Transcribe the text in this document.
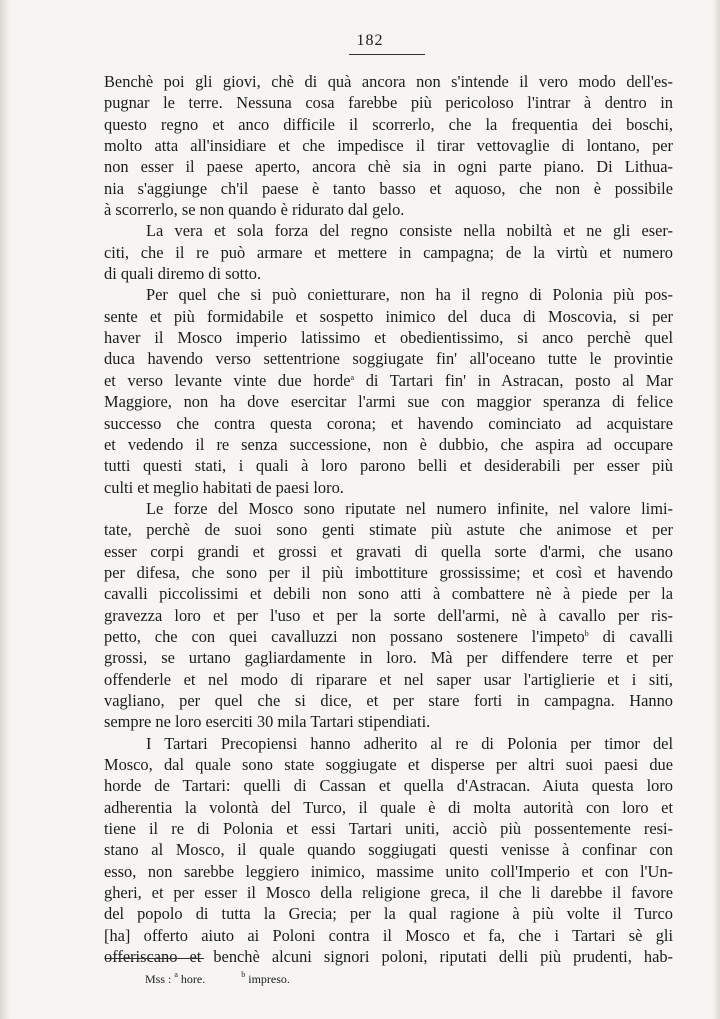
182
Benchè poi gli giovi, chè di quà ancora non s'intende il vero modo dell'es-
pugnar le terre. Nessuna cosa farebbe più pericoloso l'intrar à dentro in
questo regno et anco difficile il scorrerlo, che la frequentia dei boschi,
molto atta all'insidiare et che impedisce il tirar vettovaglie di lontano, per
non esser il paese aperto, ancora chè sia in ogni parte piano. Di Lithua-
nia s'aggiunge ch'il paese è tanto basso et aquoso, che non è possibile
à scorrerlo, se non quando è ridurato dal gelo.
La vera et sola forza del regno consiste nella nobiltà et ne gli eser-
citi, che il re può armare et mettere in campagna; de la virtù et numero
di quali diremo di sotto.
Per quel che si può conietturare, non ha il regno di Polonia più pos-
sente et più formidabile et sospetto inimico del duca di Moscovia, si per
haver il Mosco imperio latissimo et obedientissimo, si anco perchè quel
duca havendo verso settentrione soggiugate fin' all'oceano tutte le provintie
et verso levante vinte due horde$^a$ di Tartari fin' in Astracan, posto al Mar
Maggiore, non ha dove esercitar l'armi sue con maggior speranza di felice
successo che contra questa corona; et havendo cominciato ad acquistare
et vedendo il re senza successione, non è dubbio, che aspira ad occupare
tutti questi stati, i quali à loro parono belli et desiderabili per esser più
culti et meglio habitati de paesi loro.
Le forze del Mosco sono riputate nel numero infinite, nel valore limi-
tate, perchè de suoi sono genti stimate più astute che animose et per
esser corpi grandi et grossi et gravati di quella sorte d'armi, che usano
per difesa, che sono per il più imbottiture grossissime; et così et havendo
cavalli piccolissimi et debili non sono atti à combattere nè à piede per la
gravezza loro et per l'uso et per la sorte dell'armi, nè à cavallo per ris-
petto, che con quei cavalluzzi non possano sostenere l'impeto$^b$ di cavalli
grossi, se urtano gagliardamente in loro. Mà per diffendere terre et per
offenderle et nel modo di riparare et nel saper usar l'artiglierie et i siti,
vagliano, per quel che si dice, et per stare forti in campagna. Hanno
sempre ne loro eserciti 30 mila Tartari stipendiati.
I Tartari Precopiensi hanno adherito al re di Polonia per timor del
Mosco, dal quale sono state soggiugate et disperse per altri suoi paesi due
horde de Tartari: quelli di Cassan et quella d'Astracan. Aiuta questa loro
adherentia la volontà del Turco, il quale è di molta autorità con loro et
tiene il re di Polonia et essi Tartari uniti, acciò più possentemente resi-
stano al Mosco, il quale quando soggiugati questi venisse à confinar con
esso, non sarebbe leggiero inimico, massime unito coll'Imperio et con l'Un-
gheri, et per esser il Mosco della religione greca, il che li darebbe il favore
del popolo di tutta la Grecia; per la qual ragione à più volte il Turco
[ha] offerto aiuto ai Poloni contra il Mosco et fa, che i Tartari sè gli
offeriscano et benchè alcuni signori poloni, riputati delli più prudenti, hab-
Mss : $^a$ hore.	$^b$ impreso.
